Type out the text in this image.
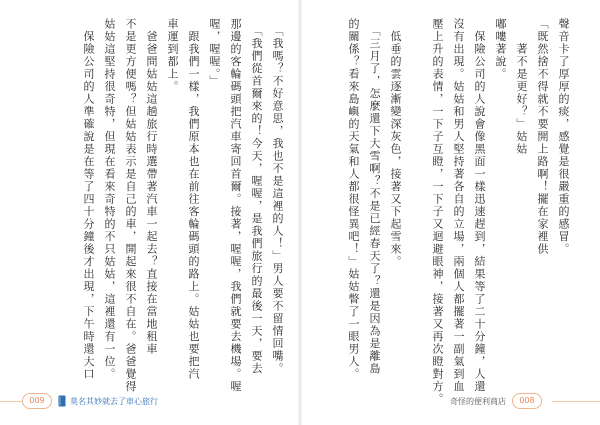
　「我嗎？不好意思，我也不是這裡的人！」男人要不留情回嘴。
　「我們從首爾來的！今天，喔喔，是我們旅行的最後一天，要去
那邊的客輪碼頭把汽車寄回首爾。接著，喔喔，我們就要去機場。喔
喔，喔喔。」
　跟我們一樣，我們原本也在前往客輪碼頭的路上。姑姑也要把汽
車運到都上。
　爸爸問姑姑這趟旅行時選帶著汽車一起去？直接在當地租車
不是更方便嗎？但姑姑表示是自己的車，開起來很不自在。爸爸覺得
姑姑這堅持很奇特，但現在看來奇特的不只姑姑，這裡還有一位。
　保險公司的人準確說是在等了四十分鐘後才出現，下午時還大口
009	莫名其妙就去了車心旅行
聲音卡了厚厚的痰，感覺是很嚴重的感冒。
「既然捨不得就不要開上路啊！擺在家裡供
　　著不是更好？」姑姑
嘟嘍著說。
　保險公司的人說會像黑面一樣迅速趕到，結果等了二十分鐘，人還
沒有出現。姑姑和男人堅持著各自的立場，兩個人都擺著一副氣到血
壓上升的表情，一下子互瞪，一下子又迴避眼神，接著又再次瞪對方。
　低垂的雲逐漸變深灰色，接著又下起雪來。
　「三月了，怎麼還下大雪啊？不是已經春天了？還是因為是離島
的關係？看來島嶼的天氣和人都很怪異吧！」姑姑瞥了一眼男人。
奇怪的便利商店	008
